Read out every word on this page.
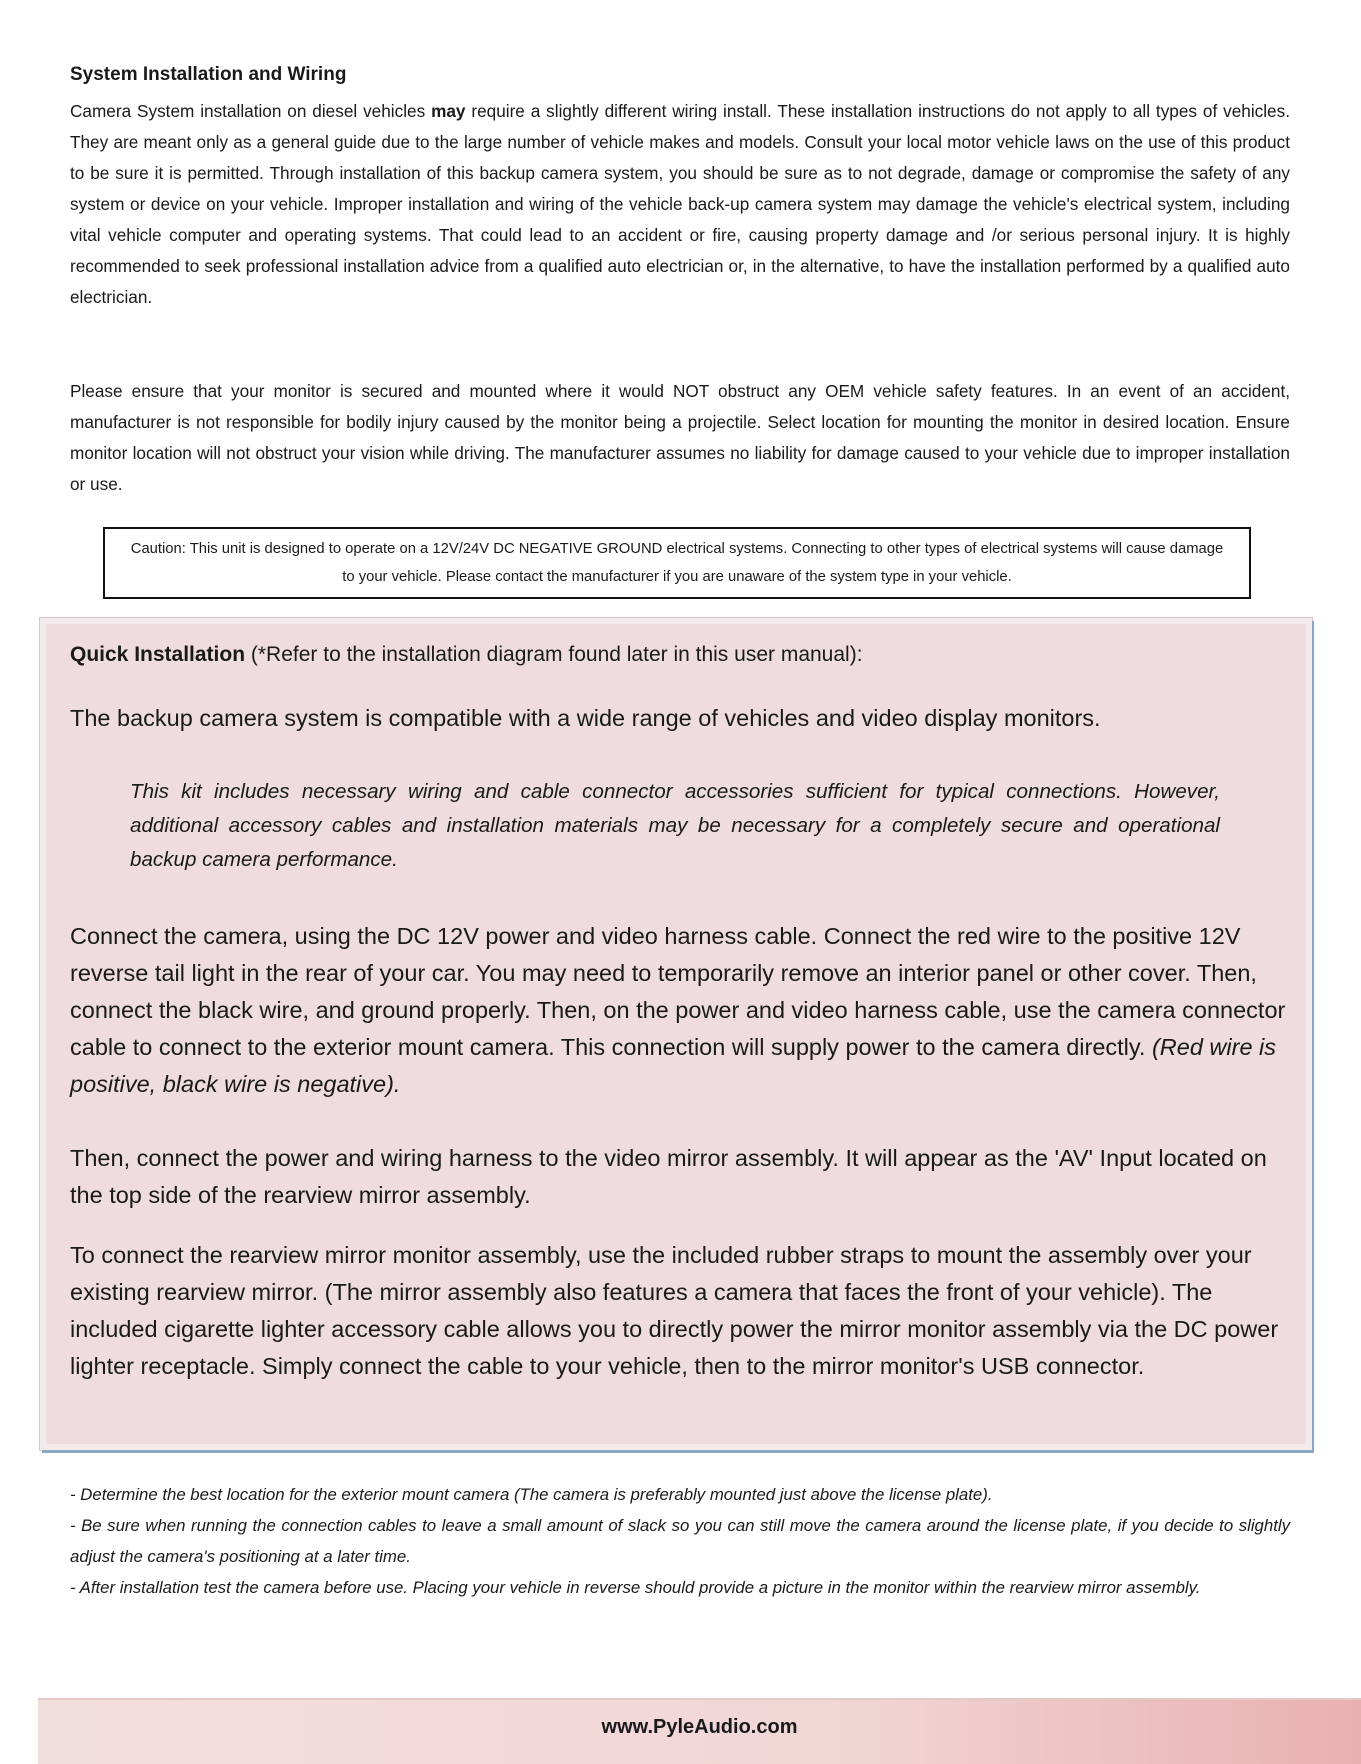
System Installation and Wiring

Camera System installation on diesel vehicles may require a slightly different wiring install. These installation instructions do not apply to all types of vehicles. They are meant only as a general guide due to the large number of vehicle makes and models. Consult your local motor vehicle laws on the use of this product to be sure it is permitted. Through installation of this backup camera system, you should be sure as to not degrade, damage or compromise the safety of any system or device on your vehicle. Improper installation and wiring of the vehicle back-up camera system may damage the vehicle's electrical system, including vital vehicle computer and operating systems. That could lead to an accident or fire, causing property damage and /or serious personal injury. It is highly recommended to seek professional installation advice from a qualified auto electrician or, in the alternative, to have the installation performed by a qualified auto electrician.

Please ensure that your monitor is secured and mounted where it would NOT obstruct any OEM vehicle safety features. In an event of an accident, manufacturer is not responsible for bodily injury caused by the monitor being a projectile. Select location for mounting the monitor in desired location. Ensure monitor location will not obstruct your vision while driving. The manufacturer assumes no liability for damage caused to your vehicle due to improper installation or use.

Caution: This unit is designed to operate on a 12V/24V DC NEGATIVE GROUND electrical systems. Connecting to other types of electrical systems will cause damage to your vehicle. Please contact the manufacturer if you are unaware of the system type in your vehicle.

Quick Installation (*Refer to the installation diagram found later in this user manual):

The backup camera system is compatible with a wide range of vehicles and video display monitors.

This kit includes necessary wiring and cable connector accessories sufficient for typical connections. However, additional accessory cables and installation materials may be necessary for a completely secure and operational backup camera performance.

Connect the camera, using the DC 12V power and video harness cable. Connect the red wire to the positive 12V reverse tail light in the rear of your car. You may need to temporarily remove an interior panel or other cover. Then, connect the black wire, and ground properly. Then, on the power and video harness cable, use the camera connector cable to connect to the exterior mount camera. This connection will supply power to the camera directly. (Red wire is positive, black wire is negative).

Then, connect the power and wiring harness to the video mirror assembly. It will appear as the 'AV' Input located on the top side of the rearview mirror assembly.

To connect the rearview mirror monitor assembly, use the included rubber straps to mount the assembly over your existing rearview mirror. (The mirror assembly also features a camera that faces the front of your vehicle). The included cigarette lighter accessory cable allows you to directly power the mirror monitor assembly via the DC power lighter receptacle. Simply connect the cable to your vehicle, then to the mirror monitor's USB connector.

- Determine the best location for the exterior mount camera (The camera is preferably mounted just above the license plate).

- Be sure when running the connection cables to leave a small amount of slack so you can still move the camera around the license plate, if you decide to slightly adjust the camera's positioning at a later time.

- After installation test the camera before use. Placing your vehicle in reverse should provide a picture in the monitor within the rearview mirror assembly.

www.PyleAudio.com
